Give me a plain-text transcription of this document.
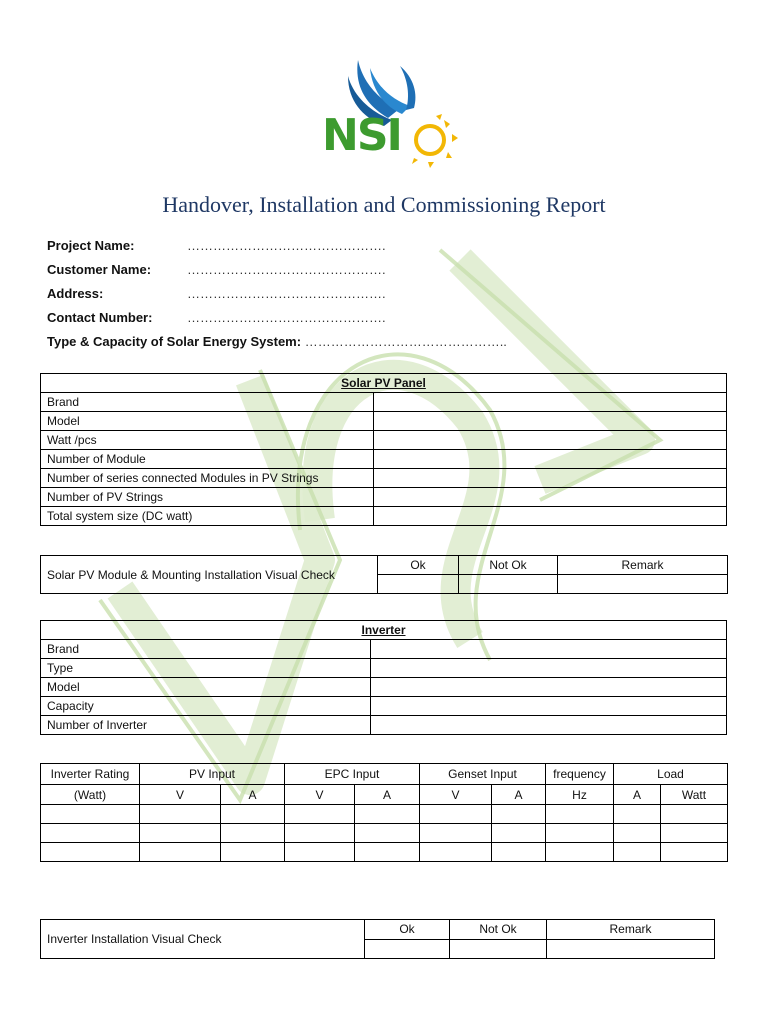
NSI
Handover, Installation and Commissioning Report
Project Name:	……………………………………….
Customer Name:	……………………………………….
Address:	……………………………………….
Contact Number:	……………………………………….
Type & Capacity of Solar Energy System: ………………………………………..
Solar PV Panel	
Brand	
Model	
Watt /pcs	
Number of Module	
Number of series connected Modules in PV Strings	
Number of PV Strings	
Total system size (DC watt)	
Solar PV Module & Mounting Installation Visual Check	Ok	Not Ok	Remark

Inverter	
Brand	
Type	
Model	
Capacity	
Number of Inverter	
Inverter Rating	PV Input		EPC Input		Genset Input		frequency	Load	
(Watt)	V	A	V	A	V	A	Hz	A	Watt

Inverter Installation Visual Check	Ok	Not Ok	Remark
